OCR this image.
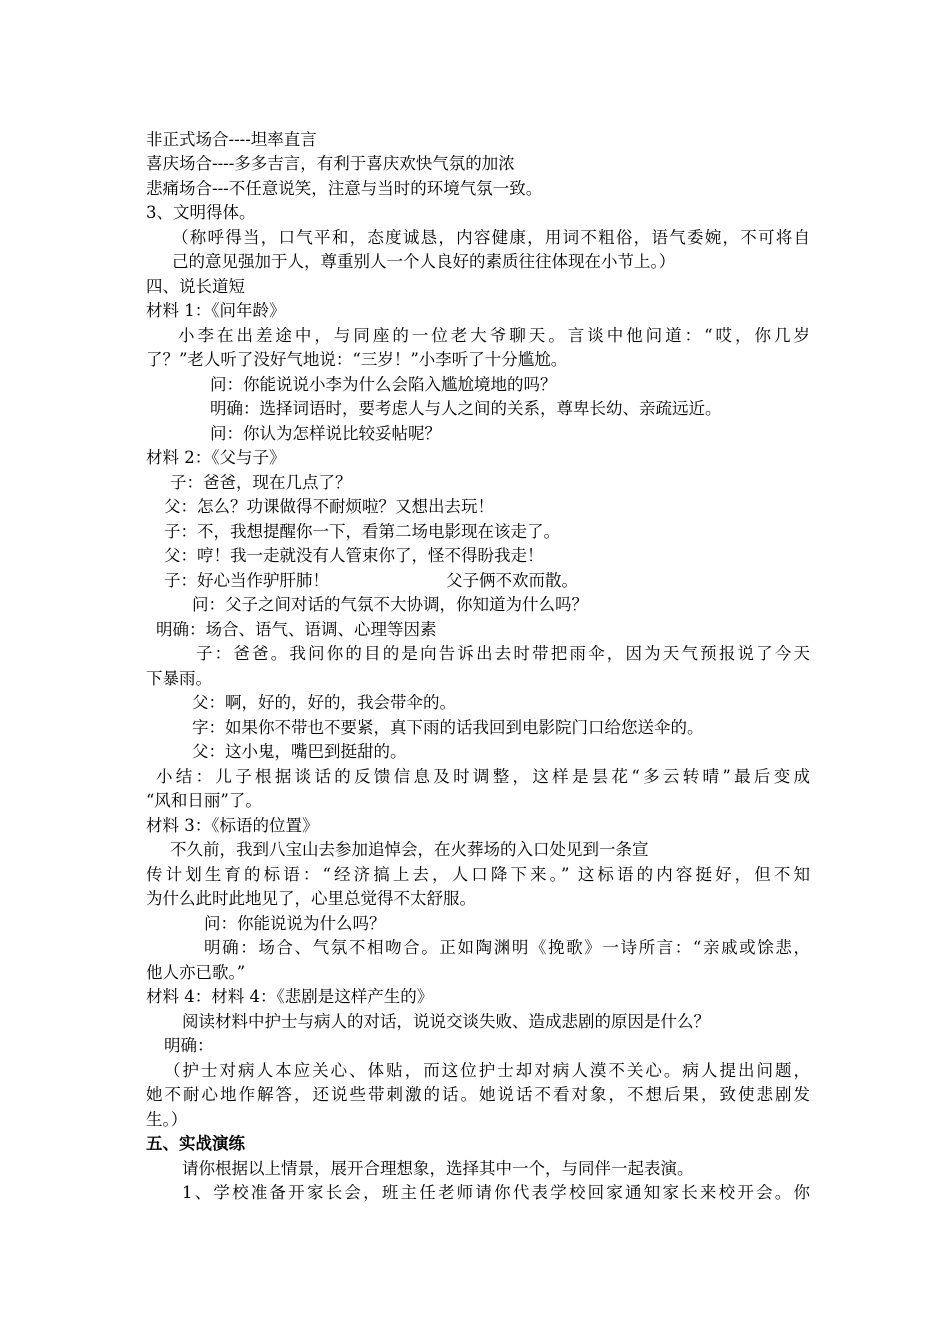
非正式场合----坦率直言
喜庆场合----多多吉言，有利于喜庆欢快气氛的加浓
悲痛场合---不任意说笑，注意与当时的环境气氛一致。
3、文明得体。
（称呼得当，口气平和，态度诚恳，内容健康，用词不粗俗，语气委婉，不可将自
己的意见强加于人，尊重别人一个人良好的素质往往体现在小节上。）
四、说长道短
材料 1：《问年龄》
小李在出差途中，与同座的一位老大爷聊天。言谈中他问道：“哎，你几岁
了？”老人听了没好气地说：“三岁！”小李听了十分尴尬。
问：你能说说小李为什么会陷入尴尬境地的吗？
明确：选择词语时，要考虑人与人之间的关系，尊卑长幼、亲疏远近。
问：你认为怎样说比较妥帖呢？
材料 2：《父与子》
子：爸爸，现在几点了？
父：怎么？功课做得不耐烦啦？又想出去玩！
子：不，我想提醒你一下，看第二场电影现在该走了。
父：哼！我一走就没有人管束你了，怪不得盼我走！
子：好心当作驴肝肺！	父子俩不欢而散。
问：父子之间对话的气氛不大协调，你知道为什么吗？
明确：场合、语气、语调、心理等因素
子：爸爸。我问你的目的是向告诉出去时带把雨伞，因为天气预报说了今天
下暴雨。
父：啊，好的，好的，我会带伞的。
字：如果你不带也不要紧，真下雨的话我回到电影院门口给您送伞的。
父：这小鬼，嘴巴到挺甜的。
小结：儿子根据谈话的反馈信息及时调整，这样是昙花“多云转晴”最后变成
“风和日丽”了。
材料 3：《标语的位置》
不久前，我到八宝山去参加追悼会，在火葬场的入口处见到一条宣
传计划生育的标语：“经济搞上去，人口降下来。” 这标语的内容挺好，但不知
为什么此时此地见了，心里总觉得不太舒服。
问：你能说说为什么吗？
明确：场合、气氛不相吻合。正如陶渊明《挽歌》一诗所言：“亲戚或馀悲，
他人亦已歌。”
材料 4：材料 4：《悲剧是这样产生的》
阅读材料中护士与病人的对话，说说交谈失败、造成悲剧的原因是什么？
明确：
（护士对病人本应关心、体贴，而这位护士却对病人漠不关心。病人提出问题，
她不耐心地作解答，还说些带刺激的话。她说话不看对象，不想后果，致使悲剧发
生。）
五、实战演练
请你根据以上情景，展开合理想象，选择其中一个，与同伴一起表演。
1、学校准备开家长会，班主任老师请你代表学校回家通知家长来校开会。你
